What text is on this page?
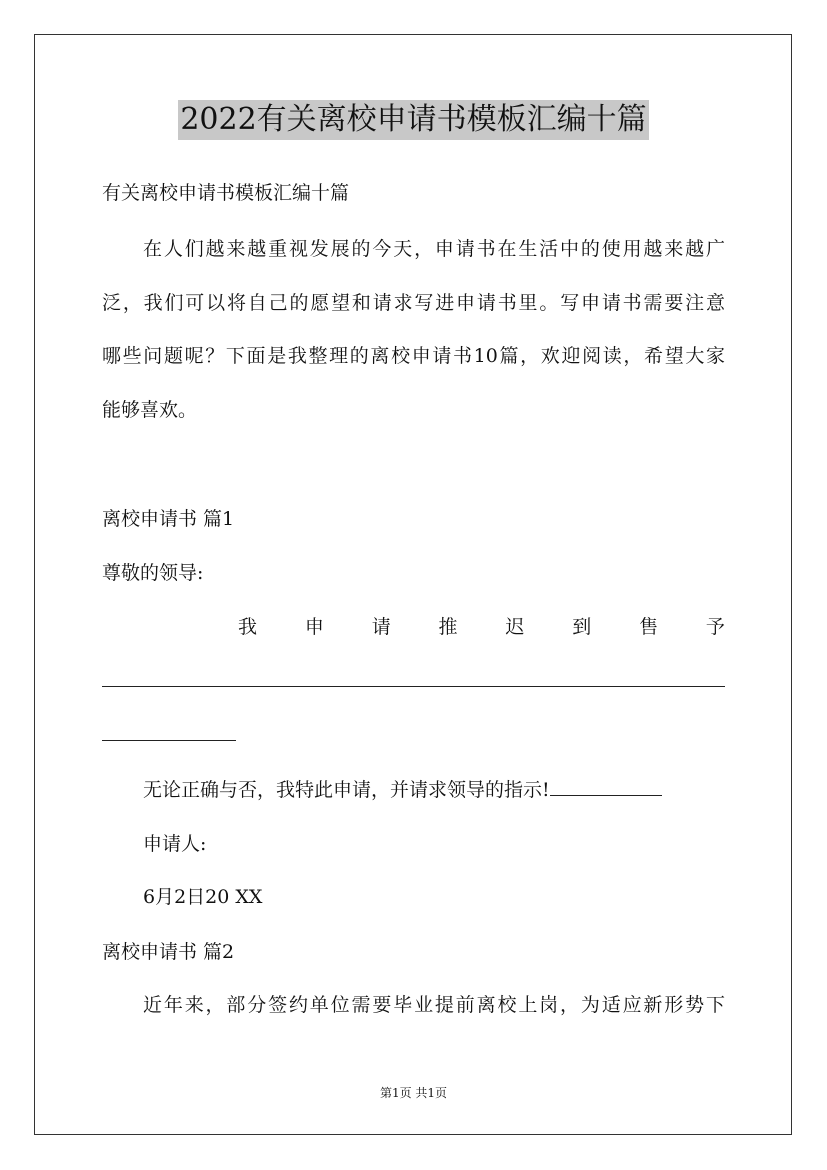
2022有关离校申请书模板汇编十篇
有关离校申请书模板汇编十篇
在人们越来越重视发展的今天，申请书在生活中的使用越来越广
泛，我们可以将自己的愿望和请求写进申请书里。写申请书需要注意
哪些问题呢？下面是我整理的离校申请书10篇，欢迎阅读，希望大家
能够喜欢。
离校申请书 篇1
尊敬的领导:
我	申	请	推	迟	到	售	予
无论正确与否，我特此申请，并请求领导的指示!
申请人:
6月2日20 XX
离校申请书 篇2
近年来，部分签约单位需要毕业提前离校上岗，为适应新形势下
第1页 共1页
